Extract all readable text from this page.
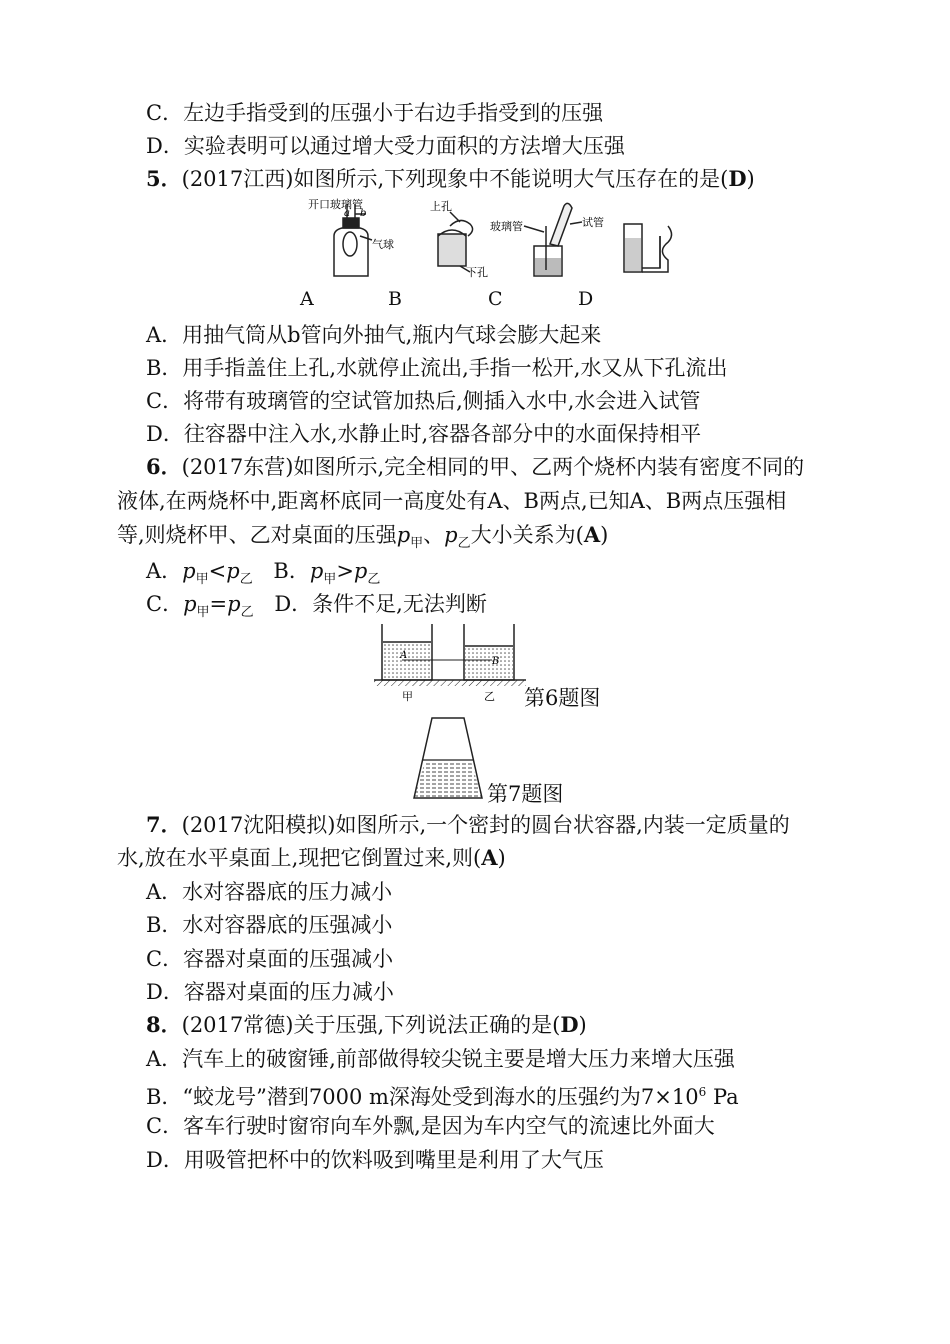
C．左边手指受到的压强小于右边手指受到的压强
D．实验表明可以通过增大受力面积的方法增大压强
5．(2017江西)如图所示,下列现象中不能说明大气压存在的是(D)
开口玻璃管
a b
气球
上孔
下孔
玻璃管	试管
A	B	C	D
A．用抽气筒从b管向外抽气,瓶内气球会膨大起来
B．用手指盖住上孔,水就停止流出,手指一松开,水又从下孔流出
C．将带有玻璃管的空试管加热后,侧插入水中,水会进入试管
D．往容器中注入水,水静止时,容器各部分中的水面保持相平
6．(2017东营)如图所示,完全相同的甲、乙两个烧杯内装有密度不同的
液体,在两烧杯中,距离杯底同一高度处有A、B两点,已知A、B两点压强相
等,则烧杯甲、乙对桌面的压强$p_甲$、$p_乙$大小关系为(A)
A．$p_甲<p_乙$ B．$p_甲>p_乙$
C．$p_甲=p_乙$ D．条件不足,无法判断
A
B
甲	乙 第6题图
第7题图
7．(2017沈阳模拟)如图所示,一个密封的圆台状容器,内装一定质量的
水,放在水平桌面上,现把它倒置过来,则(A)
A．水对容器底的压力减小
B．水对容器底的压强减小
C．容器对桌面的压强减小
D．容器对桌面的压力减小
8．(2017常德)关于压强,下列说法正确的是(D)
A．汽车上的破窗锤,前部做得较尖锐主要是增大压力来增大压强
B．“蛟龙号”潜到7000 m深海处受到海水的压强约为$7\times 10^6$ Pa
C．客车行驶时窗帘向车外飘,是因为车内空气的流速比外面大
D．用吸管把杯中的饮料吸到嘴里是利用了大气压
